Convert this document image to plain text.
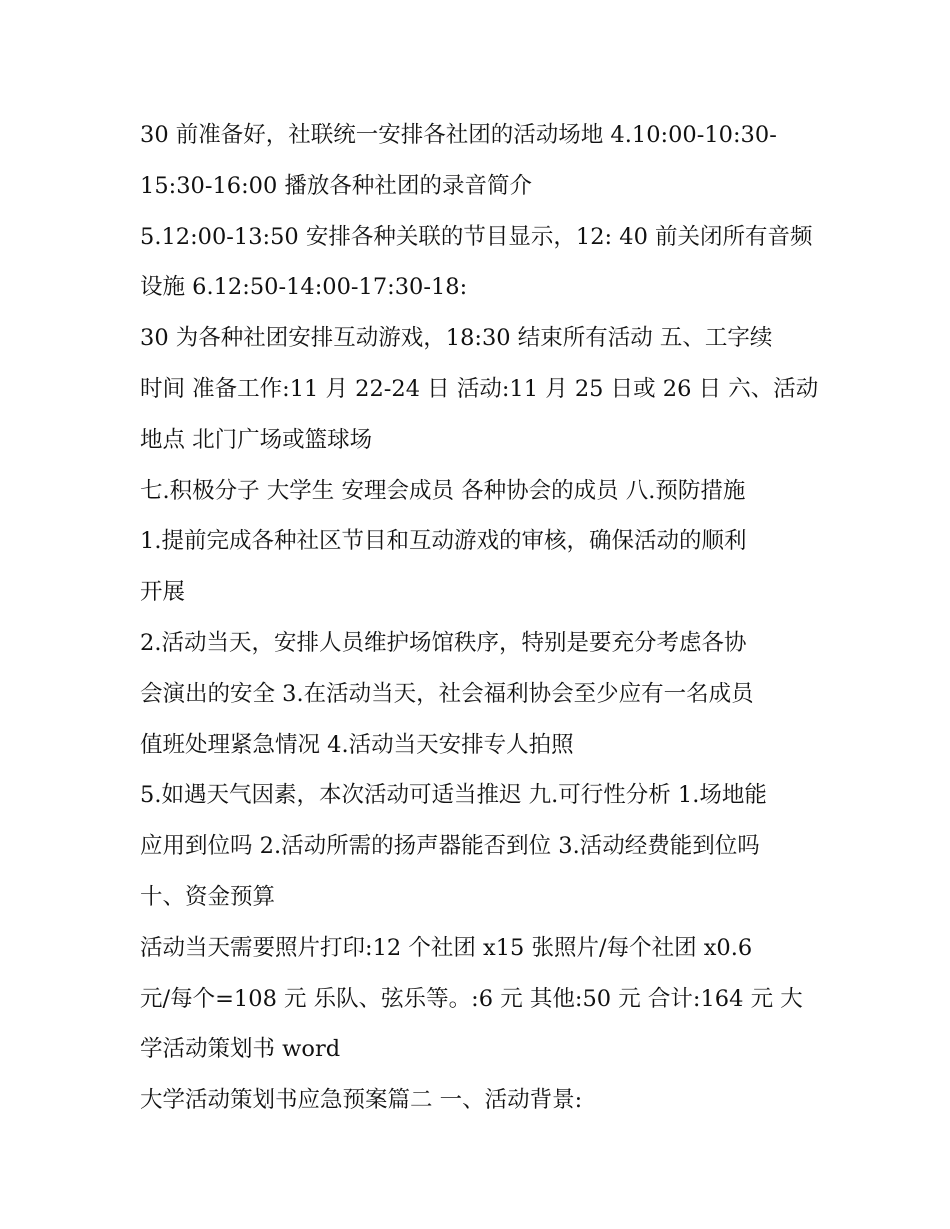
30 前准备好，社联统一安排各社团的活动场地 4.10:00-10:30-
15:30-16:00 播放各种社团的录音简介
5.12:00-13:50 安排各种关联的节目显示，12: 40 前关闭所有音频
设施 6.12:50-14:00-17:30-18:
30 为各种社团安排互动游戏，18:30 结束所有活动 五、工字续
时间 准备工作:11 月 22-24 日 活动:11 月 25 日或 26 日 六、活动
地点 北门广场或篮球场
七.积极分子 大学生 安理会成员 各种协会的成员 八.预防措施
1.提前完成各种社区节目和互动游戏的审核，确保活动的顺利
开展
2.活动当天，安排人员维护场馆秩序，特别是要充分考虑各协
会演出的安全 3.在活动当天，社会福利协会至少应有一名成员
值班处理紧急情况 4.活动当天安排专人拍照
5.如遇天气因素，本次活动可适当推迟 九.可行性分析 1.场地能
应用到位吗 2.活动所需的扬声器能否到位 3.活动经费能到位吗
十、资金预算
活动当天需要照片打印:12 个社团 x15 张照片/每个社团 x0.6
元/每个=108 元 乐队、弦乐等。:6 元 其他:50 元 合计:164 元 大
学活动策划书 word
大学活动策划书应急预案篇二 一、活动背景:
